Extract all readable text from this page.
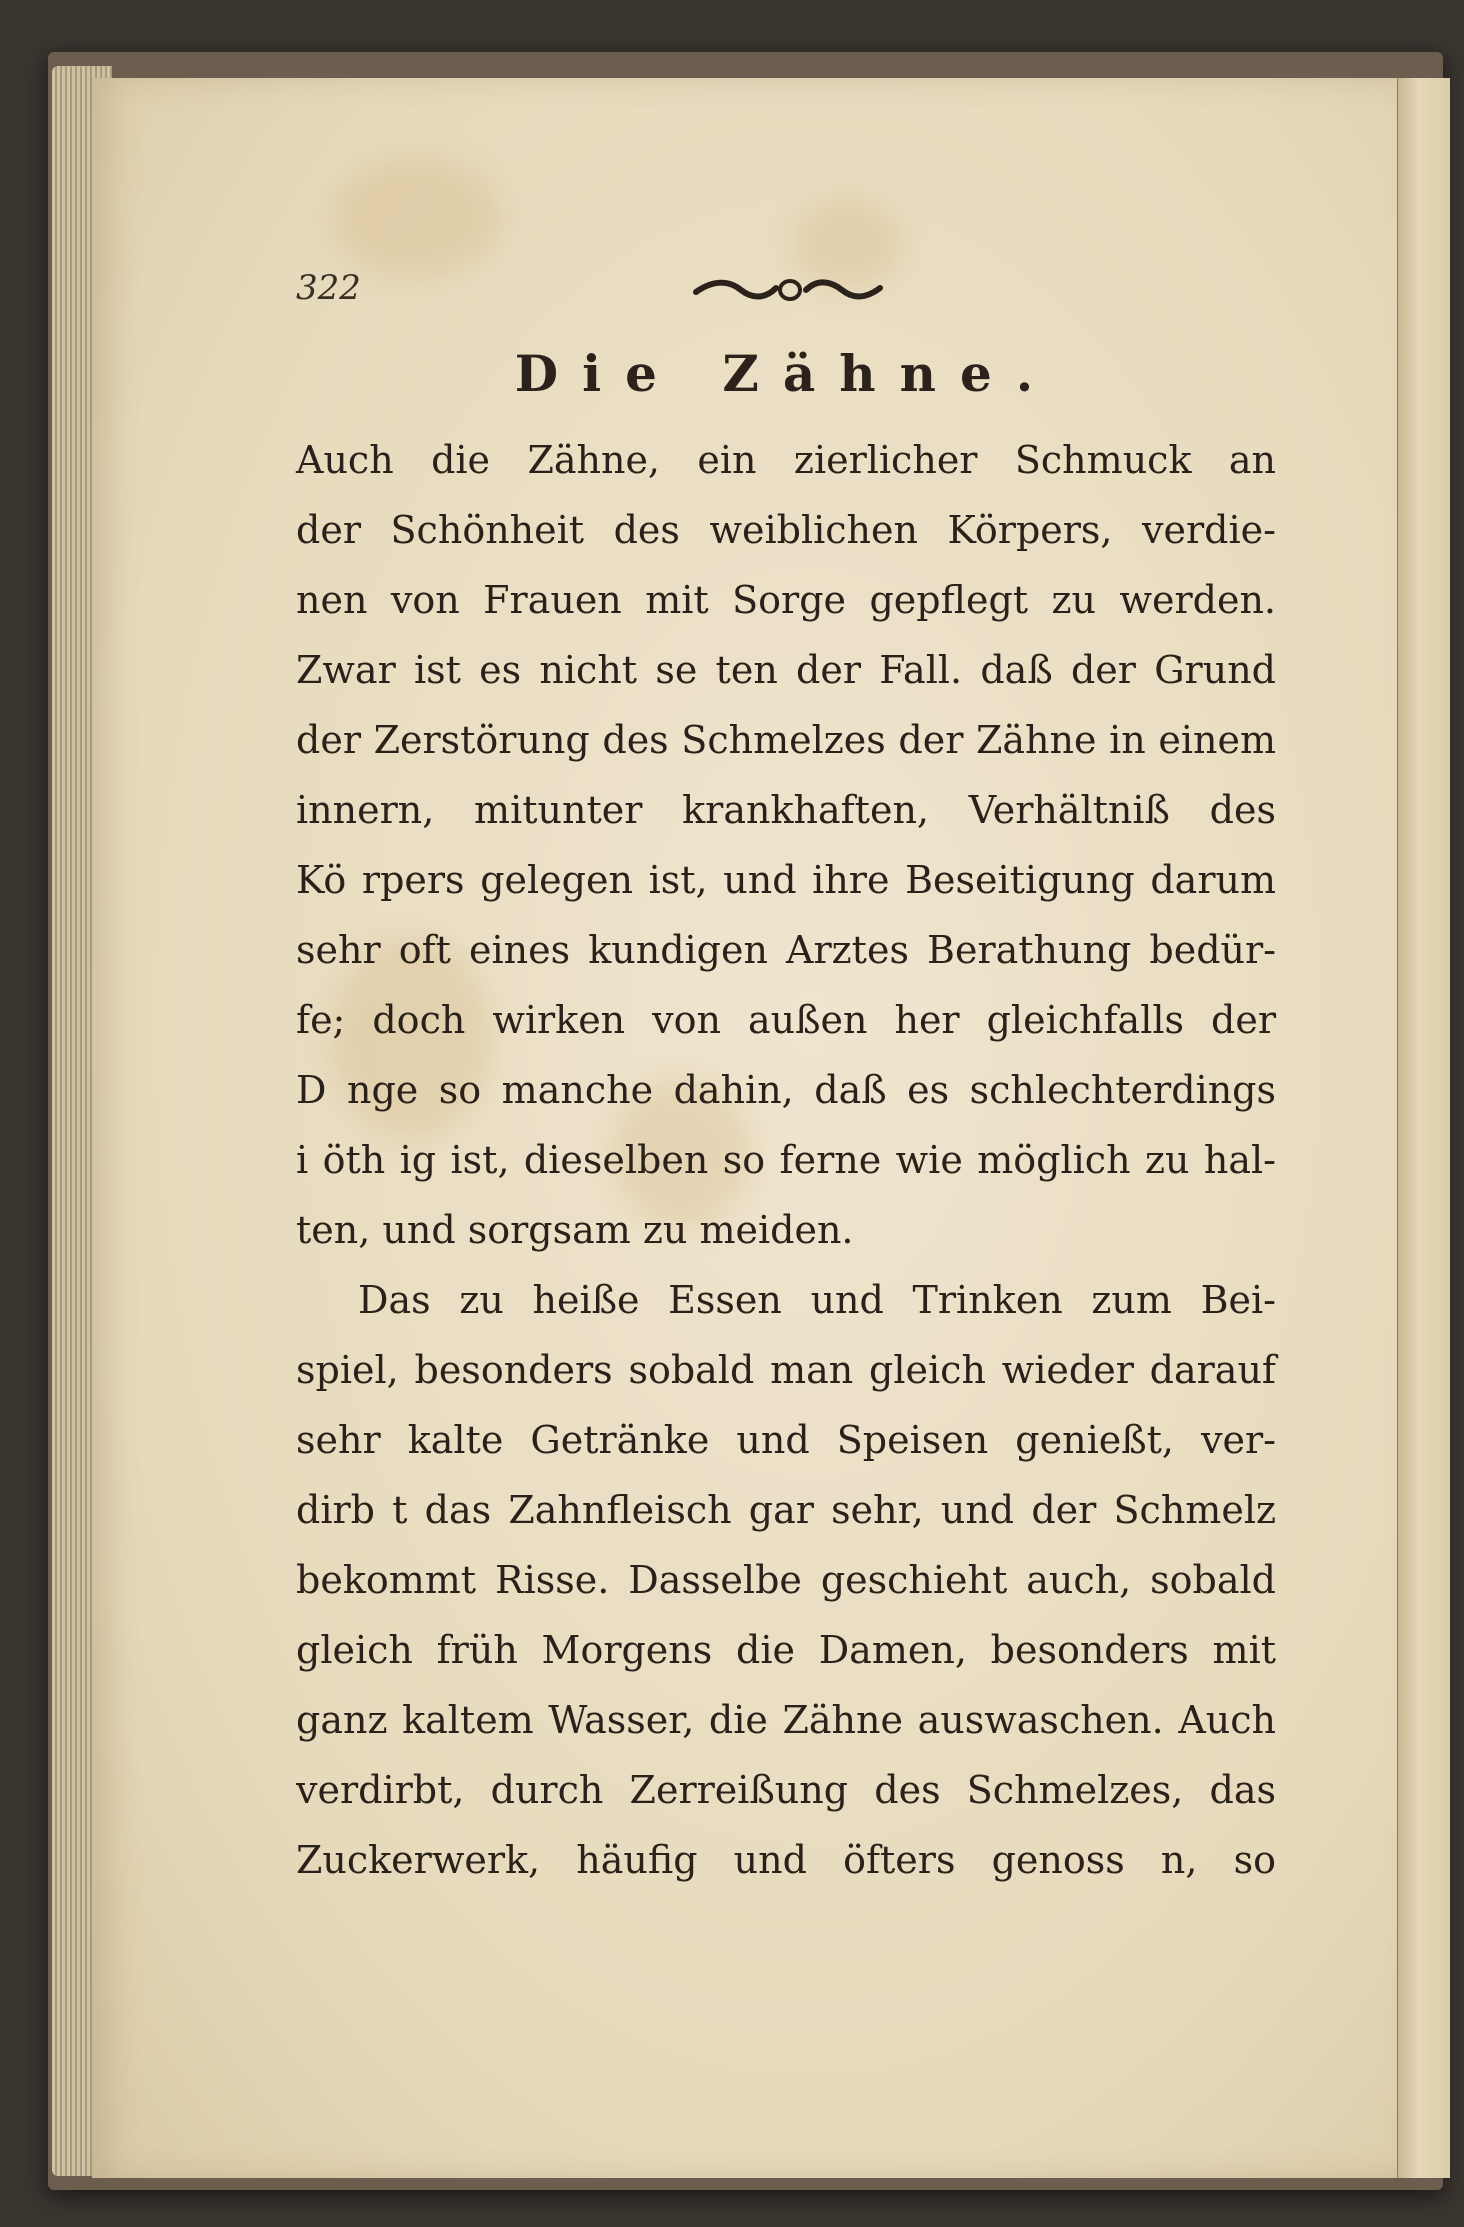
322
Die Zähne.
Auch die Zähne, ein zierlicher Schmuck an
der Schönheit des weiblichen Körpers, verdie-
nen von Frauen mit Sorge gepflegt zu werden.
Zwar ist es nicht se ten der Fall. daß der Grund
der Zerstörung des Schmelzes der Zähne in einem
innern, mitunter krankhaften, Verhältniß des
Kö rpers gelegen ist, und ihre Beseitigung darum
sehr oft eines kundigen Arztes Berathung bedür-
fe; doch wirken von außen her gleichfalls der
D nge so manche dahin, daß es schlechterdings
i öth ig ist, dieselben so ferne wie möglich zu hal-
ten, und sorgsam zu meiden.
Das zu heiße Essen und Trinken zum Bei-
spiel, besonders sobald man gleich wieder darauf
sehr kalte Getränke und Speisen genießt, ver-
dirb t das Zahnfleisch gar sehr, und der Schmelz
bekommt Risse. Dasselbe geschieht auch, sobald
gleich früh Morgens die Damen, besonders mit
ganz kaltem Wasser, die Zähne auswaschen. Auch
verdirbt, durch Zerreißung des Schmelzes, das
Zuckerwerk, häufig und öfters genoss n, so
